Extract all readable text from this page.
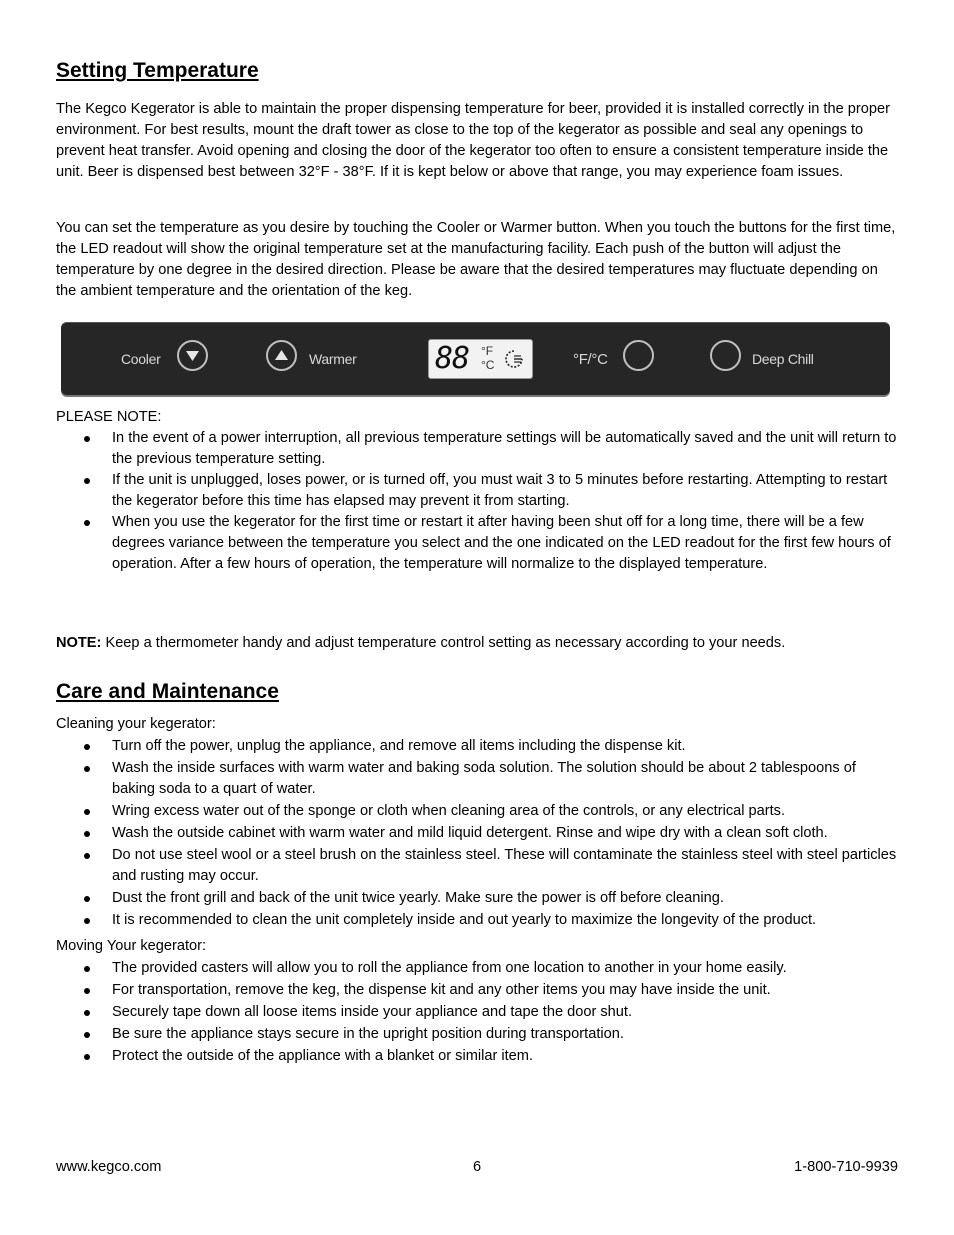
Setting Temperature

The Kegco Kegerator is able to maintain the proper dispensing temperature for beer, provided it is installed correctly in the proper environment. For best results, mount the draft tower as close to the top of the kegerator as possible and seal any openings to prevent heat transfer. Avoid opening and closing the door of the kegerator too often to ensure a consistent temperature inside the unit. Beer is dispensed best between 32°F - 38°F. If it is kept below or above that range, you may experience foam issues.

You can set the temperature as you desire by touching the Cooler or Warmer button. When you touch the buttons for the first time, the LED readout will show the original temperature set at the manufacturing facility. Each push of the button will adjust the temperature by one degree in the desired direction. Please be aware that the desired temperatures may fluctuate depending on the ambient temperature and the orientation of the keg.

Cooler	Warmer	88 °F
°C	°F/°C	Deep Chill

PLEASE NOTE:

In the event of a power interruption, all previous temperature settings will be automatically saved and the unit will return to the previous temperature setting.
If the unit is unplugged, loses power, or is turned off, you must wait 3 to 5 minutes before restarting. Attempting to restart the kegerator before this time has elapsed may prevent it from starting.
When you use the kegerator for the first time or restart it after having been shut off for a long time, there will be a few degrees variance between the temperature you select and the one indicated on the LED readout for the first few hours of operation. After a few hours of operation, the temperature will normalize to the displayed temperature.

NOTE: Keep a thermometer handy and adjust temperature control setting as necessary according to your needs.

Care and Maintenance

Cleaning your kegerator:

Turn off the power, unplug the appliance, and remove all items including the dispense kit.
Wash the inside surfaces with warm water and baking soda solution. The solution should be about 2 tablespoons of baking soda to a quart of water.
Wring excess water out of the sponge or cloth when cleaning area of the controls, or any electrical parts.
Wash the outside cabinet with warm water and mild liquid detergent. Rinse and wipe dry with a clean soft cloth.
Do not use steel wool or a steel brush on the stainless steel. These will contaminate the stainless steel with steel particles and rusting may occur.
Dust the front grill and back of the unit twice yearly. Make sure the power is off before cleaning.
It is recommended to clean the unit completely inside and out yearly to maximize the longevity of the product.

Moving Your kegerator:

The provided casters will allow you to roll the appliance from one location to another in your home easily.
For transportation, remove the keg, the dispense kit and any other items you may have inside the unit.
Securely tape down all loose items inside your appliance and tape the door shut.
Be sure the appliance stays secure in the upright position during transportation.
Protect the outside of the appliance with a blanket or similar item.
www.kegco.com	6	1-800-710-9939
